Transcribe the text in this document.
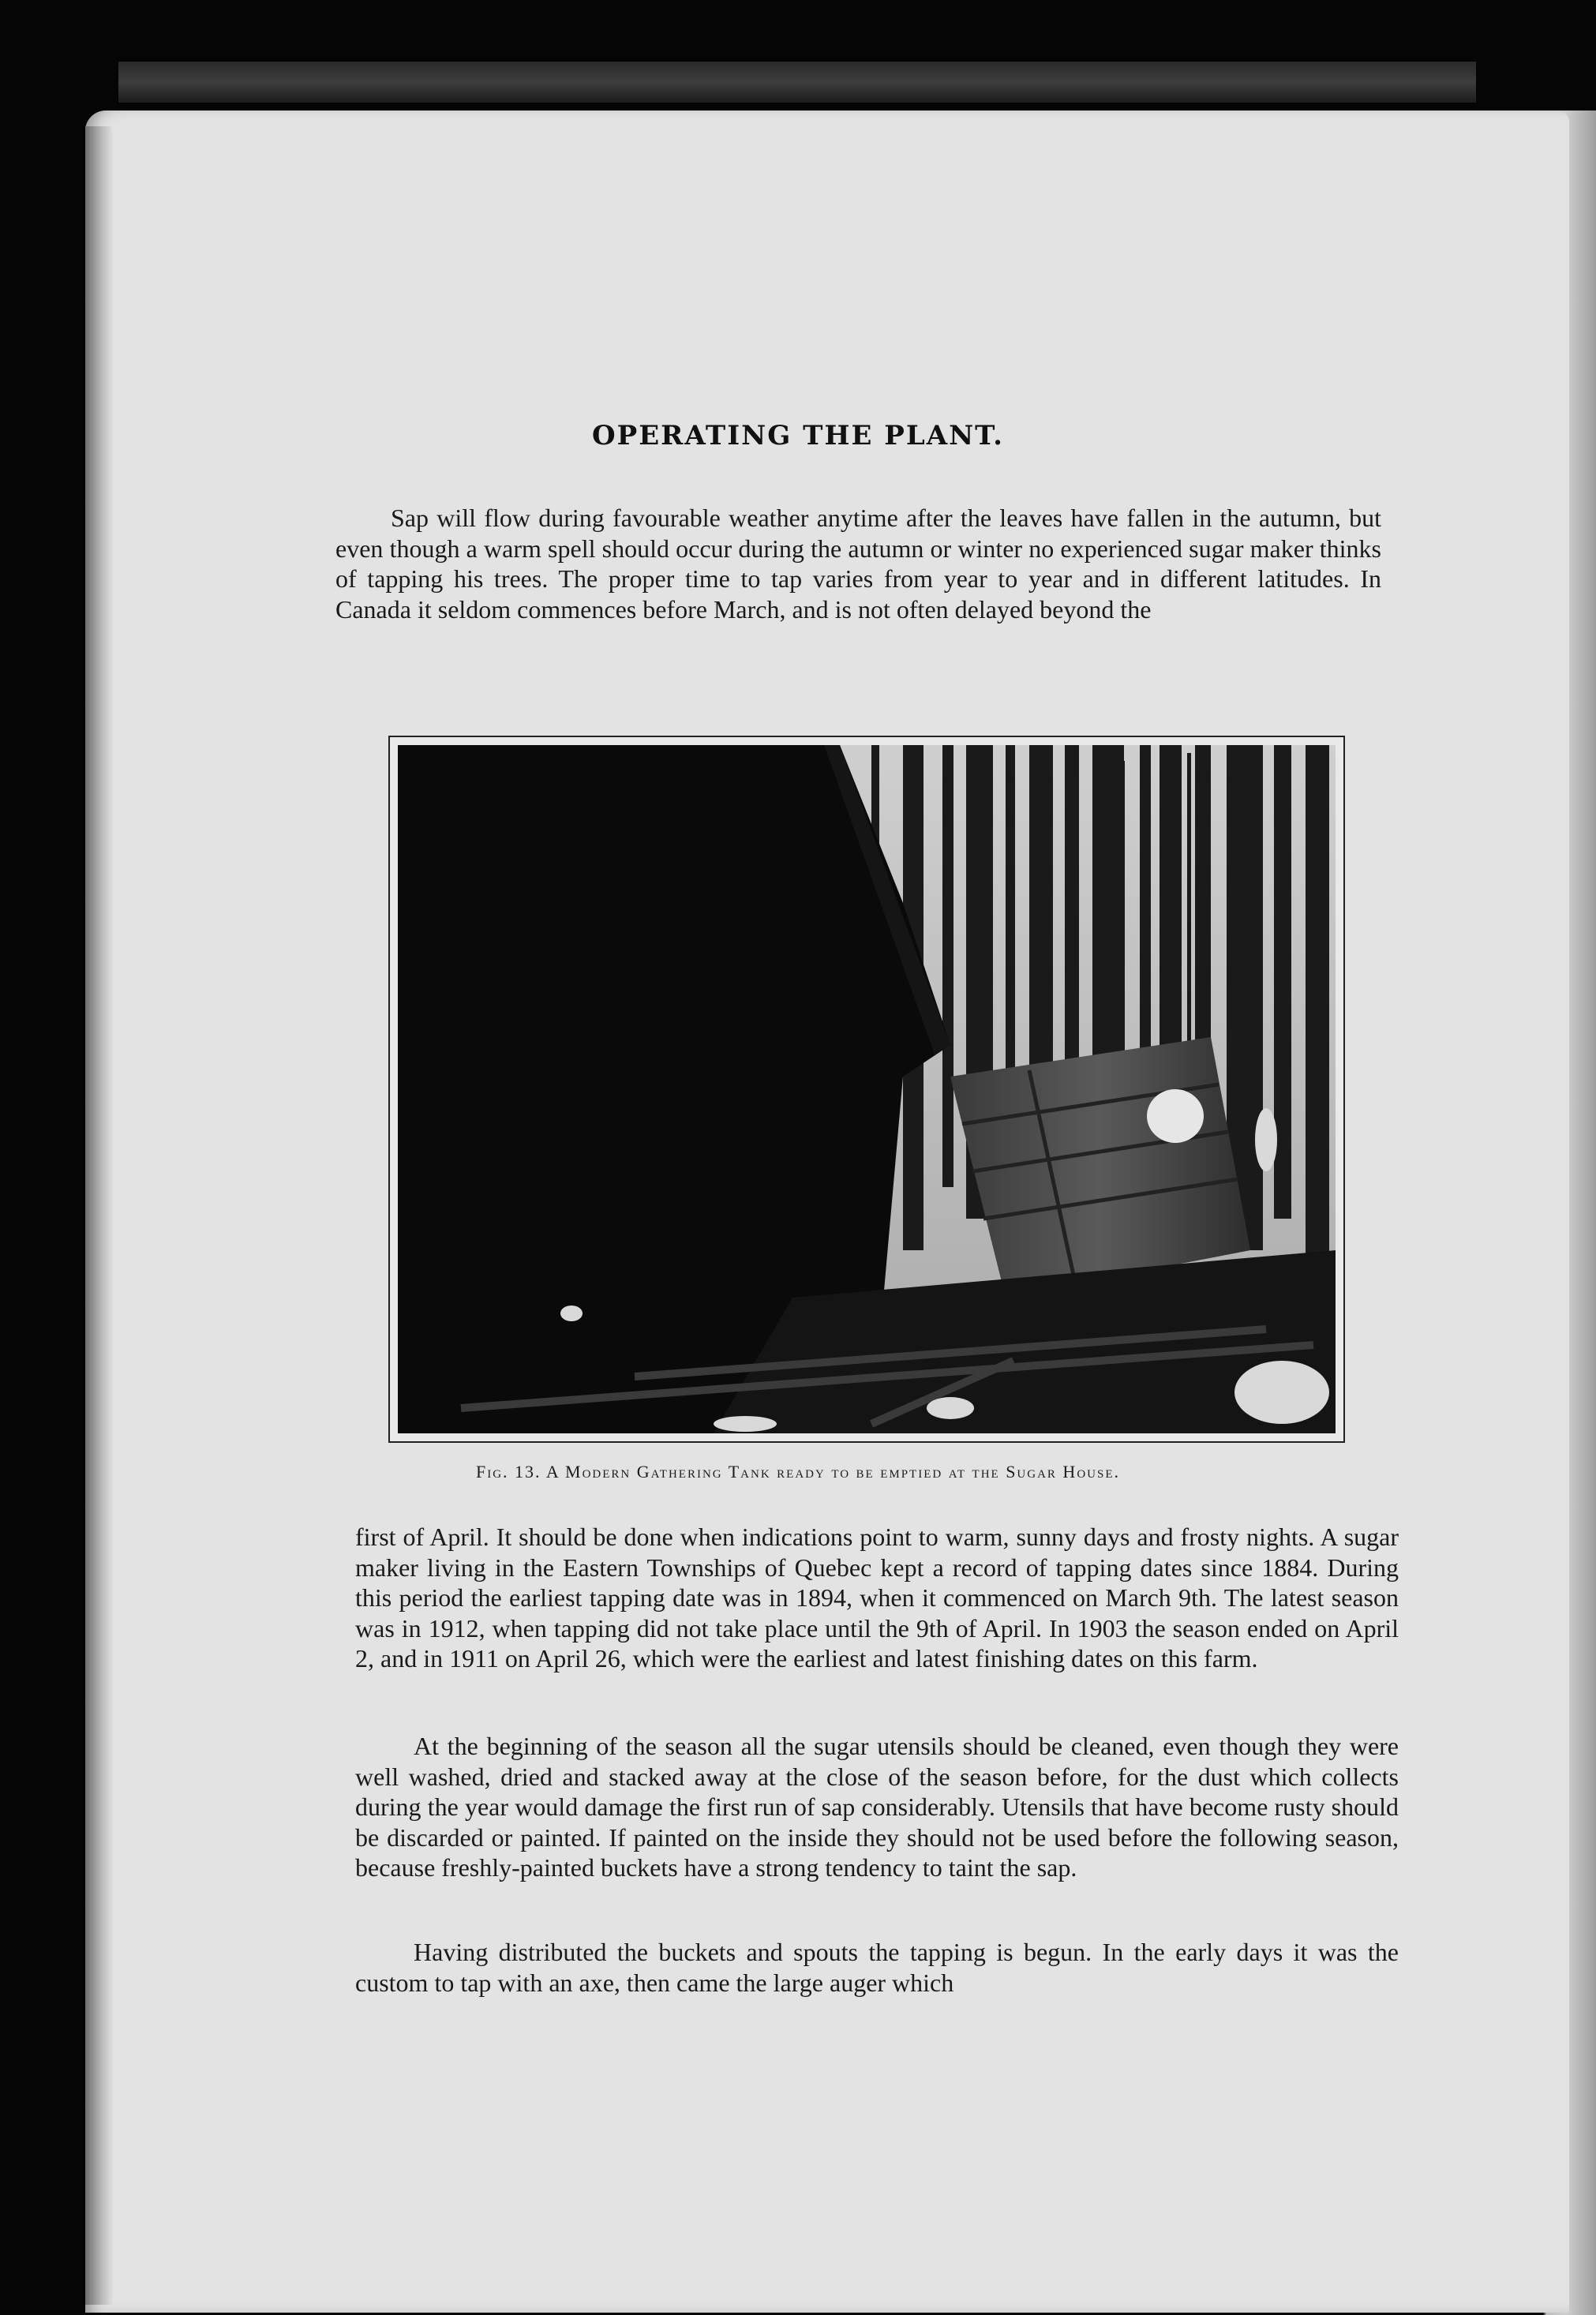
OPERATING THE PLANT.

Sap will flow during favourable weather anytime after the leaves have fallen in the autumn, but even though a warm spell should occur during the autumn or winter no experienced sugar maker thinks of tapping his trees. The proper time to tap varies from year to year and in different latitudes. In Canada it seldom commences before March, and is not often delayed beyond the

Fig. 13. A Modern Gathering Tank ready to be emptied at the Sugar House.

first of April. It should be done when indications point to warm, sunny days and frosty nights. A sugar maker living in the Eastern Townships of Quebec kept a record of tapping dates since 1884. During this period the earliest tapping date was in 1894, when it commenced on March 9th. The latest season was in 1912, when tapping did not take place until the 9th of April. In 1903 the season ended on April 2, and in 1911 on April 26, which were the earliest and latest finishing dates on this farm.

At the beginning of the season all the sugar utensils should be cleaned, even though they were well washed, dried and stacked away at the close of the season before, for the dust which collects during the year would damage the first run of sap considerably. Utensils that have become rusty should be discarded or painted. If painted on the inside they should not be used before the following season, because freshly-painted buckets have a strong tendency to taint the sap.

Having distributed the buckets and spouts the tapping is begun. In the early days it was the custom to tap with an axe, then came the large auger which
